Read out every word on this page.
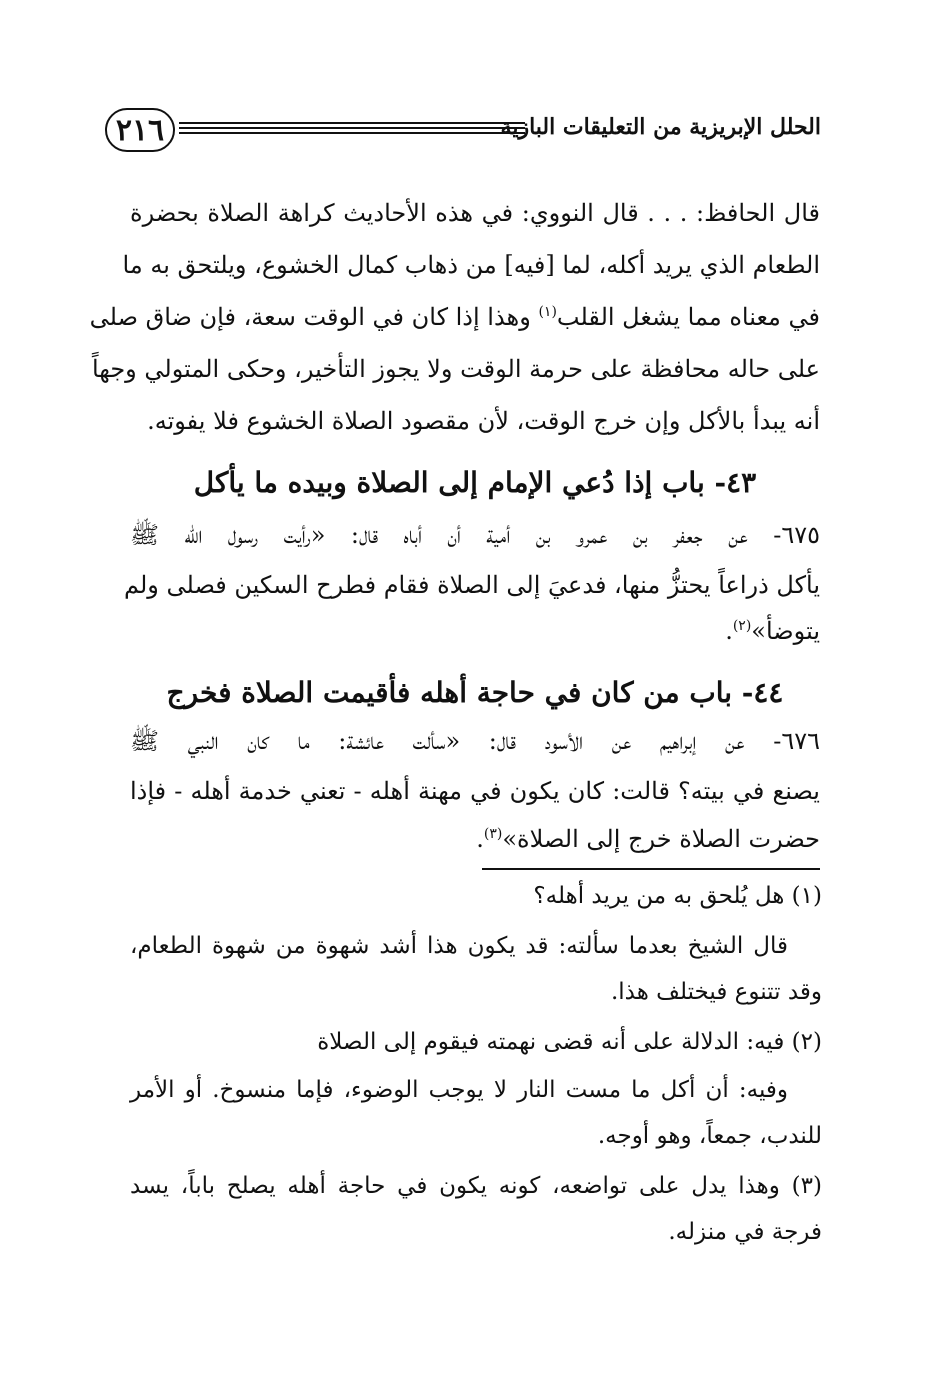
٢١٦	الحلل الإبريزية من التعليقات البازية
قال الحافظ: . . . قال النووي: في هذه الأحاديث كراهة الصلاة بحضرة
الطعام الذي يريد أكله، لما [فيه] من ذهاب كمال الخشوع، ويلتحق به ما
في معناه مما يشغل القلب$^{(١)}$ وهذا إذا كان في الوقت سعة، فإن ضاق صلى
على حاله محافظة على حرمة الوقت ولا يجوز التأخير، وحكى المتولي وجهاً
أنه يبدأ بالأكل وإن خرج الوقت، لأن مقصود الصلاة الخشوع فلا يفوته.
٤٣- باب إذا دُعي الإمام إلى الصلاة وبيده ما يأكل
٦٧٥- عن جعفر بن عمرو بن أمية أن أباه قال: «رأيت رسول الله ﷺ
يأكل ذراعاً يحتزُّ منها، فدعيَ إلى الصلاة فقام فطرح السكين فصلى ولم
يتوضأ»$^{(٢)}$.
٤٤- باب من كان في حاجة أهله فأقيمت الصلاة فخرج
٦٧٦- عن إبراهيم عن الأسود قال: «سألت عائشة: ما كان النبي ﷺ
يصنع في بيته؟ قالت: كان يكون في مهنة أهله - تعني خدمة أهله - فإذا
حضرت الصلاة خرج إلى الصلاة»$^{(٣)}$.
(١) هل يُلحق به من يريد أهله؟
قال الشيخ بعدما سألته: قد يكون هذا أشد شهوة من شهوة الطعام،
وقد تتنوع فيختلف هذا.
(٢) فيه: الدلالة على أنه قضى نهمته فيقوم إلى الصلاة
وفيه: أن أكل ما مست النار لا يوجب الوضوء، فإما منسوخ. أو الأمر
للندب، جمعاً، وهو أوجه.
(٣) وهذا يدل على تواضعه، كونه يكون في حاجة أهله يصلح باباً، يسد
فرجة في منزله.
